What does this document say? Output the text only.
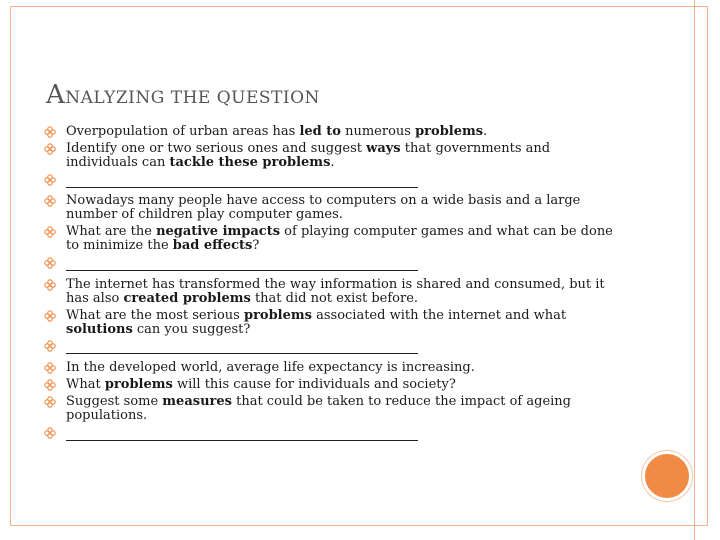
ANALYZING THE QUESTION
Overpopulation of urban areas has led to numerous problems.
Identify one or two serious ones and suggest ways that governments and individuals can tackle these problems.
Nowadays many people have access to computers on a wide basis and a large number of children play computer games.
What are the negative impacts of playing computer games and what can be done to minimize the bad effects?
The internet has transformed the way information is shared and consumed, but it has also created problems that did not exist before.
What are the most serious problems associated with the internet and what solutions can you suggest?
In the developed world, average life expectancy is increasing.
What problems will this cause for individuals and society?
Suggest some measures that could be taken to reduce the impact of ageing populations.
